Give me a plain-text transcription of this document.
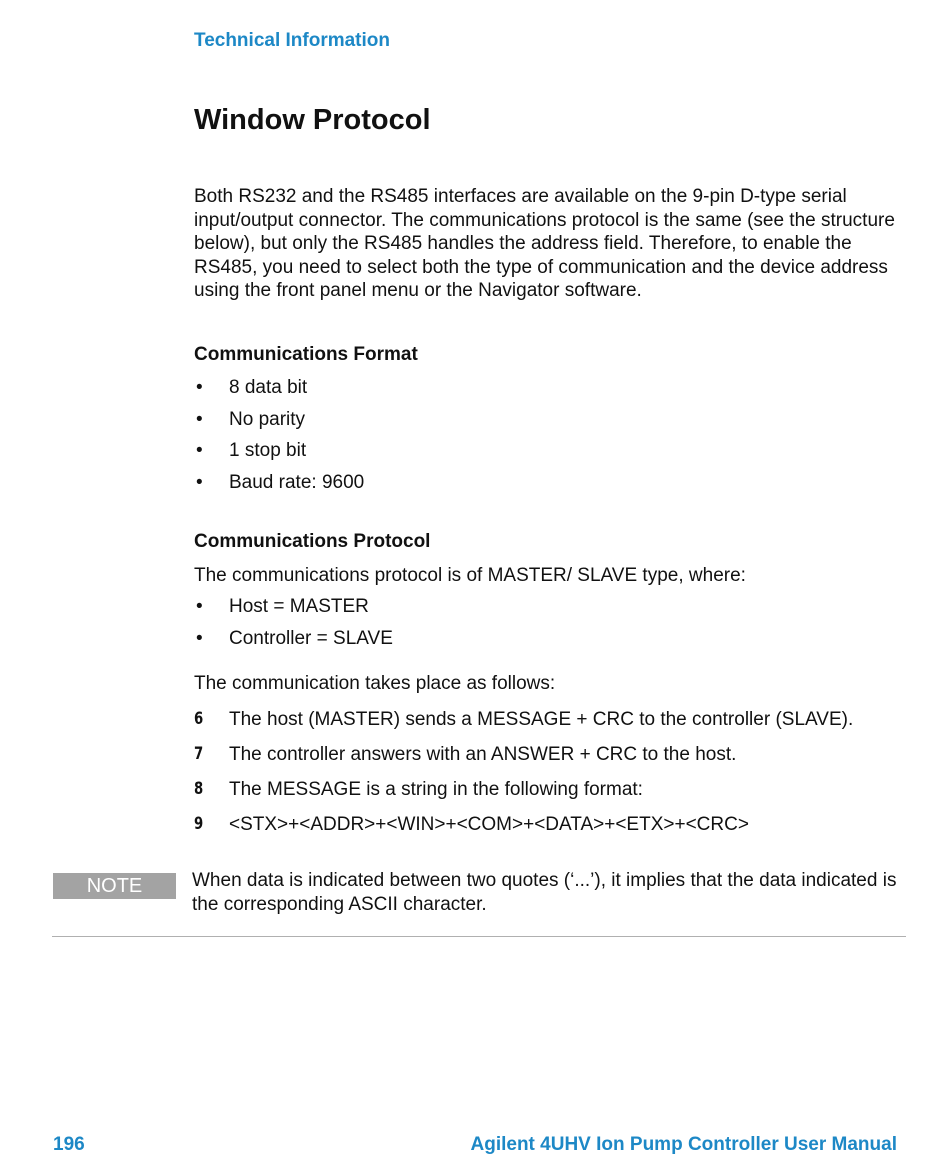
Technical Information
Window Protocol

Both RS232 and the RS485 interfaces are available on the 9-pin D-type serial input/output connector. The communications protocol is the same (see the structure below), but only the RS485 handles the address field. Therefore, to enable the RS485, you need to select both the type of communication and the device address using the front panel menu or the Navigator software.

Communications Format
• 8 data bit
• No parity
• 1 stop bit
• Baud rate: 9600
Communications Protocol

The communications protocol is of MASTER/ SLAVE type, where:

• Host = MASTER
• Controller = SLAVE

The communication takes place as follows:

6 The host (MASTER) sends a MESSAGE + CRC to the controller (SLAVE).
7 The controller answers with an ANSWER + CRC to the host.
8 The MESSAGE is a string in the following format:
9 <STX>+<ADDR>+<WIN>+<COM>+<DATA>+<ETX>+<CRC>
NOTE	When data is indicated between two quotes (‘...’), it implies that the data indicated is the corresponding ASCII character.

196	Agilent 4UHV Ion Pump Controller User Manual
